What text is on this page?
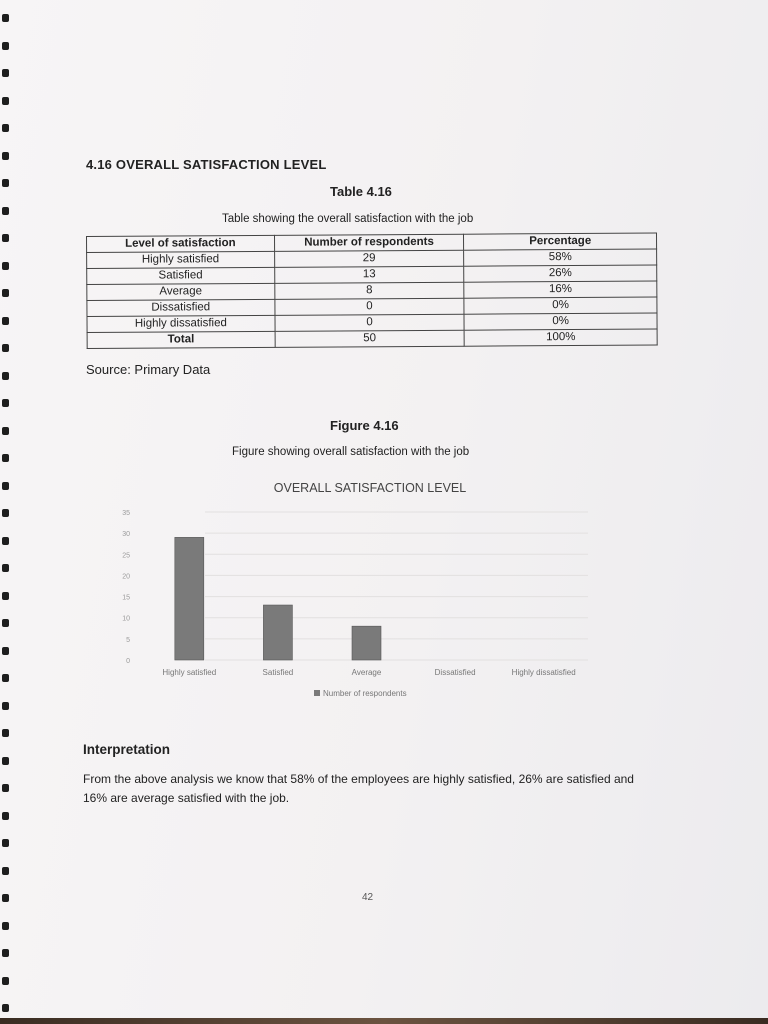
4.16 OVERALL SATISFACTION LEVEL
Table 4.16
Table showing the overall satisfaction with the job
Level of satisfaction	Number of respondents	Percentage
Highly satisfied	29	58%
Satisfied	13	26%
Average	8	16%
Dissatisfied	0	0%
Highly dissatisfied	0	0%
Total	50	100%
Source: Primary Data
Figure 4.16
Figure showing overall satisfaction with the job
OVERALL SATISFACTION LEVEL
0
5
10
15
20
25
30
35
Highly satisfied	Satisfied	Average	Dissatisfied	Highly dissatisfied
Number of respondents
Interpretation
From the above analysis we know that 58% of the employees are highly satisfied, 26% are satisfied and 16% are average satisfied with the job.
42
